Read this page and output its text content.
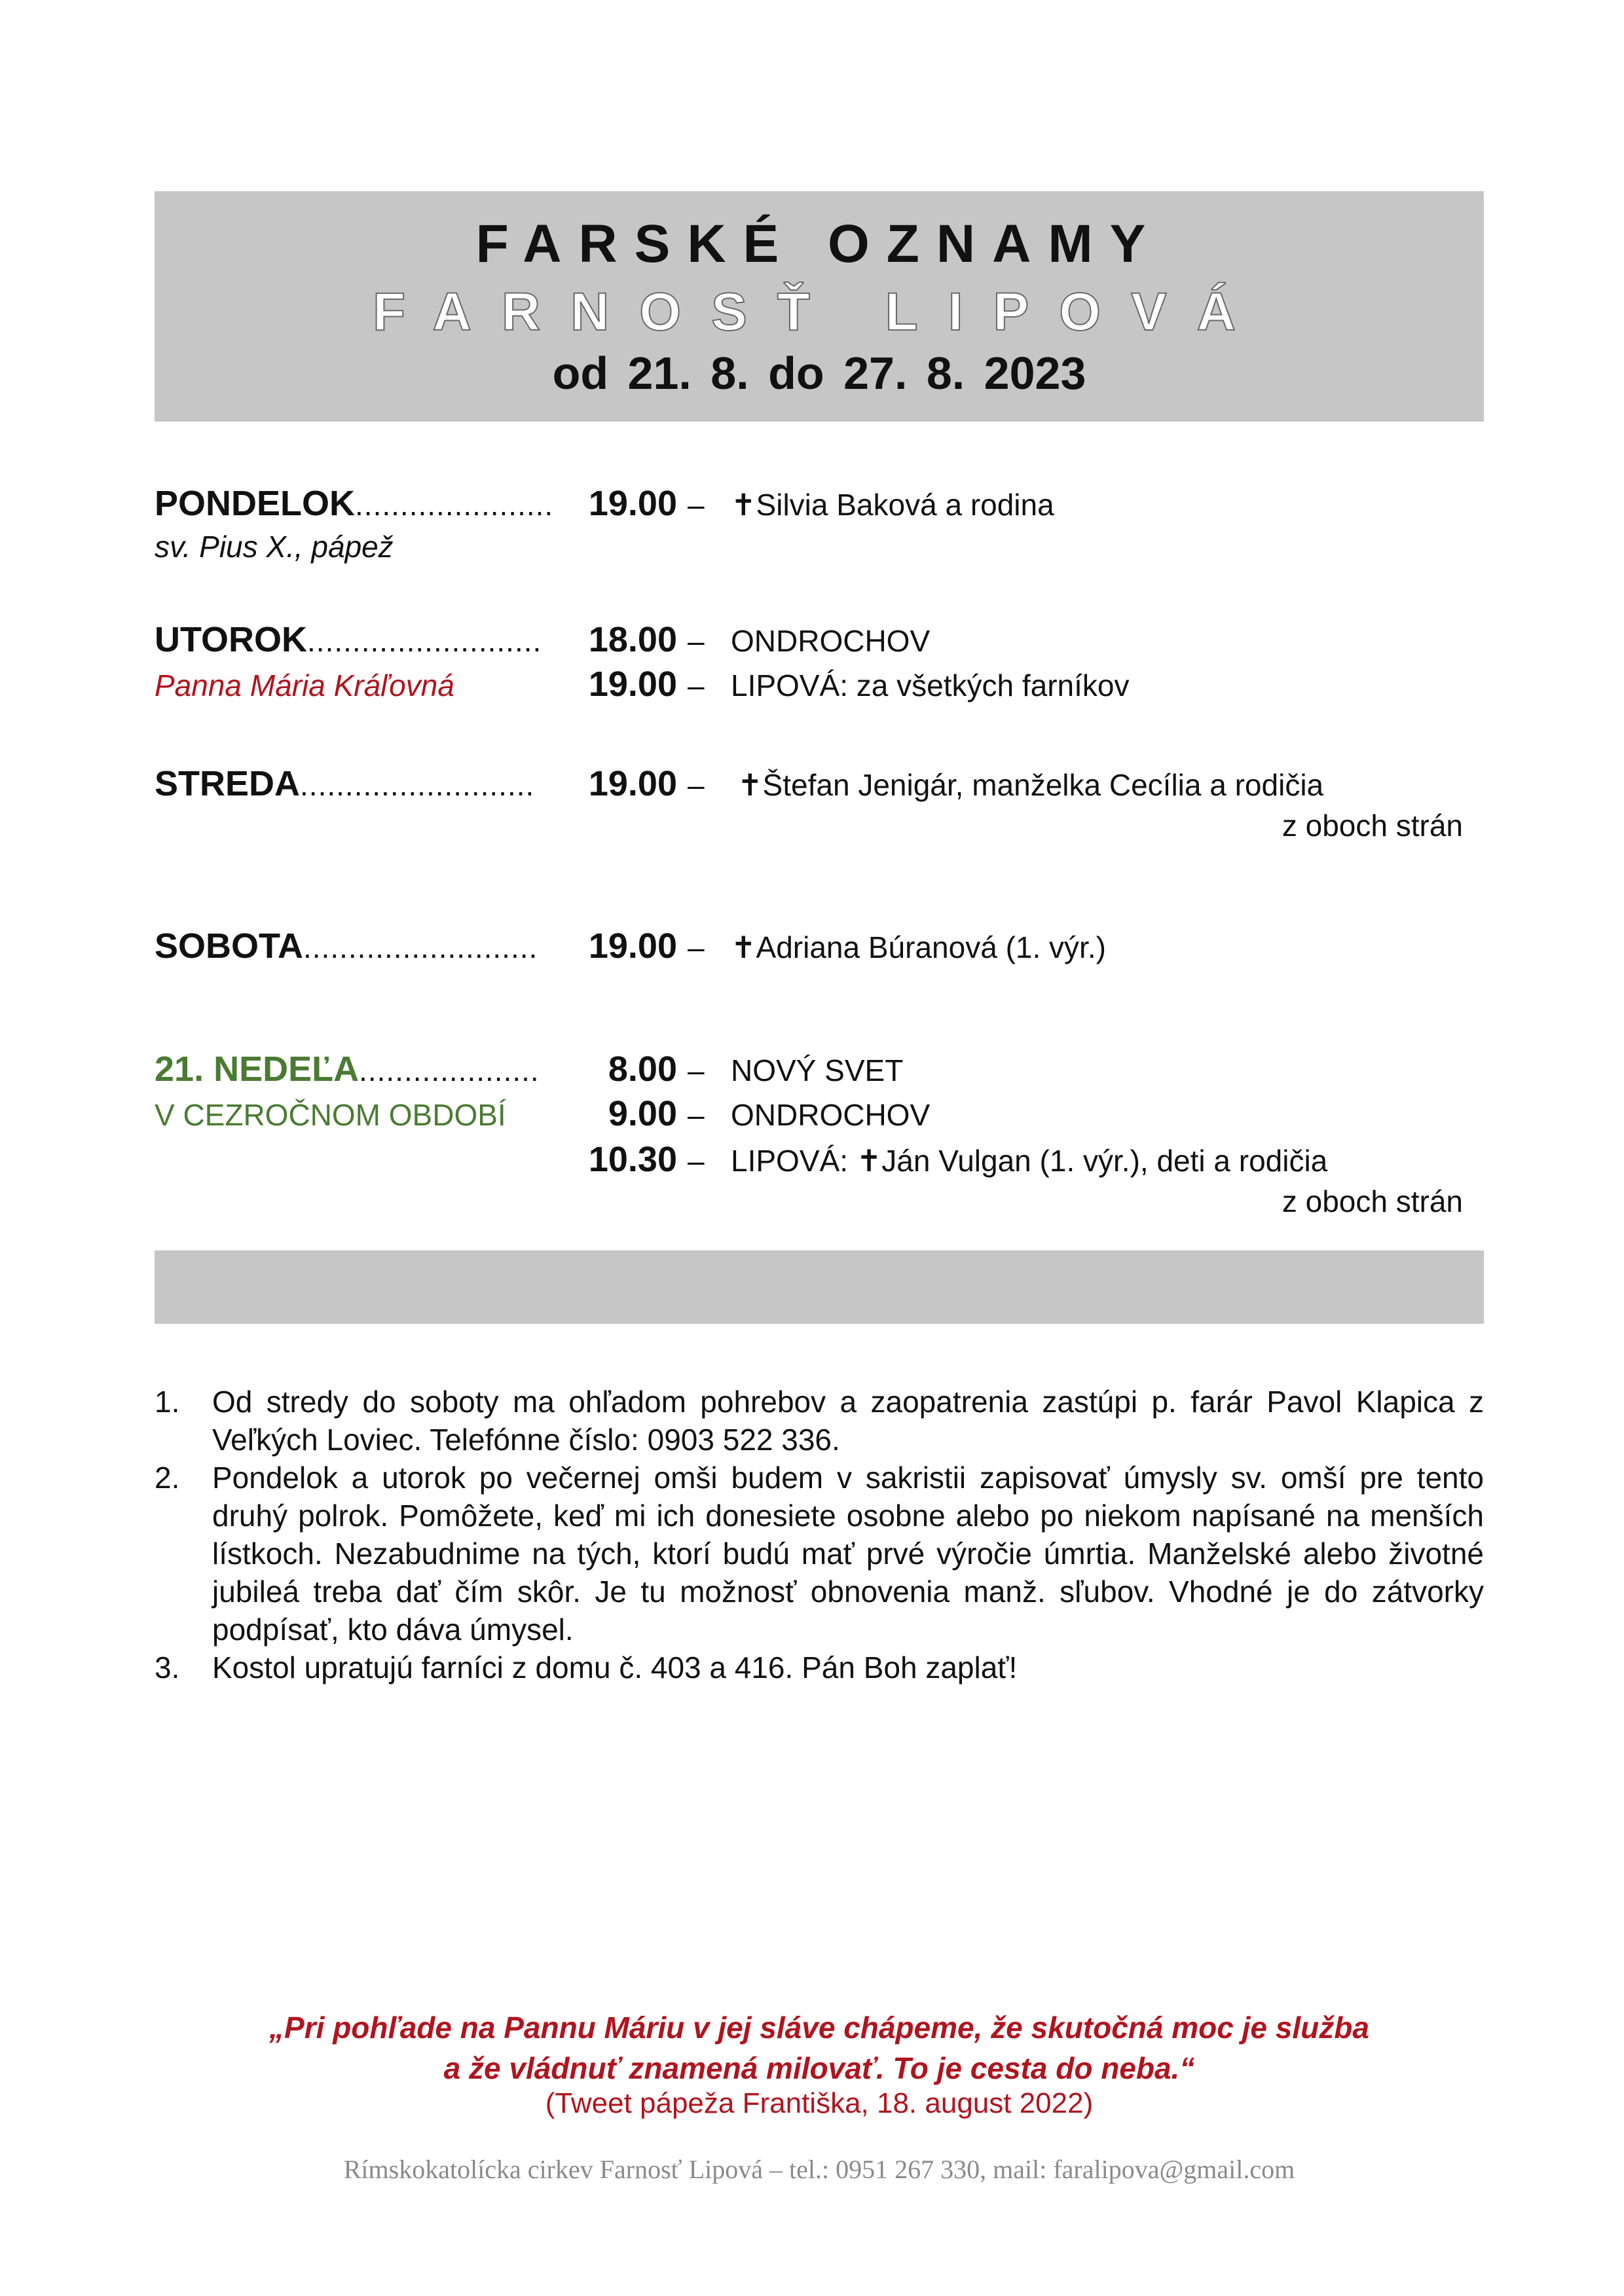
FARSKÉ OZNAMY
FARNOSŤ LIPOVÁ
od 21. 8. do 27. 8. 2023
PONDELOK...................... 19.00 – ✝Silvia Baková a rodina
sv. Pius X., pápež
UTOROK..........................	18.00 – ONDROCHOV
Panna Mária Kráľovná	19.00 – LIPOVÁ: za všetkých farníkov
STREDA..........................	19.00 – ✝Štefan Jenigár, manželka Cecília a rodičia
z oboch strán
SOBOTA..........................	19.00 – ✝Adriana Búranová (1. výr.)
21. NEDEĽA....................	8.00 – NOVÝ SVET
V CEZROČNOM OBDOBÍ	9.00 – ONDROCHOV
10.30 – LIPOVÁ: ✝Ján Vulgan (1. výr.), deti a rodičia
z oboch strán
1. Od stredy do soboty ma ohľadom pohrebov a zaopatrenia zastúpi p. farár Pavol Klapica z Veľkých Loviec. Telefónne číslo: 0903 522 336.
2. Pondelok a utorok po večernej omši budem v sakristii zapisovať úmysly sv. omší pre tento druhý polrok. Pomôžete, keď mi ich donesiete osobne alebo po niekom napísané na menších lístkoch. Nezabudnime na tých, ktorí budú mať prvé výročie úmrtia. Manželské alebo životné jubileá treba dať čím skôr. Je tu možnosť obnovenia manž. sľubov. Vhodné je do zátvorky podpísať, kto dáva úmysel.
3. Kostol upratujú farníci z domu č. 403 a 416. Pán Boh zaplať!
„Pri pohľade na Pannu Máriu v jej sláve chápeme, že skutočná moc je služba
a že vládnuť znamená milovať. To je cesta do neba.“
(Tweet pápeža Františka, 18. august 2022)
Rímskokatolícka cirkev Farnosť Lipová – tel.: 0951 267 330, mail: faralipova@gmail.com
